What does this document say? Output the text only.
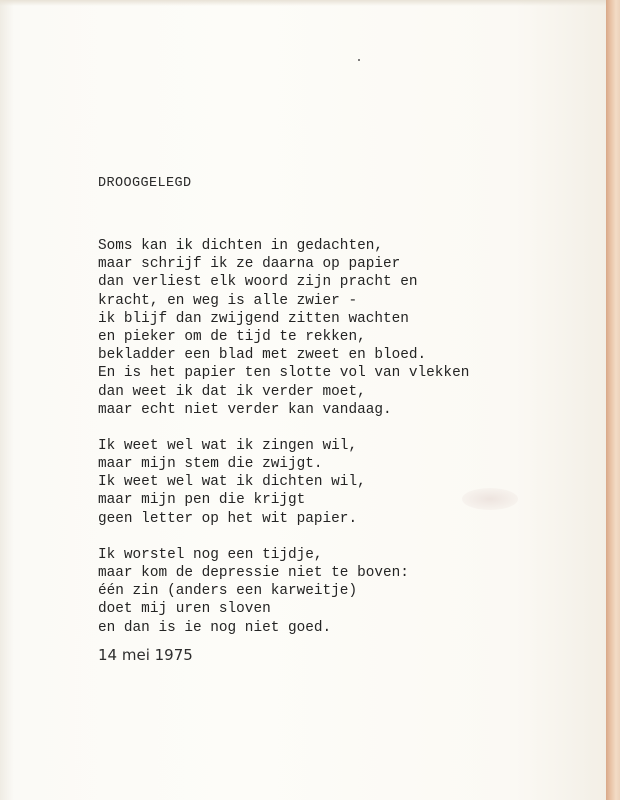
DROOGGELEGD
Soms kan ik dichten in gedachten,
maar schrijf ik ze daarna op papier
dan verliest elk woord zijn pracht en
kracht, en weg is alle zwier -
ik blijf dan zwijgend zitten wachten
en pieker om de tijd te rekken,
bekladder een blad met zweet en bloed.
En is het papier ten slotte vol van vlekken
dan weet ik dat ik verder moet,
maar echt niet verder kan vandaag.
Ik weet wel wat ik zingen wil,
maar mijn stem die zwijgt.
Ik weet wel wat ik dichten wil,
maar mijn pen die krijgt
geen letter op het wit papier.
Ik worstel nog een tijdje,
maar kom de depressie niet te boven:
één zin (anders een karweitje)
doet mij uren sloven
en dan is ie nog niet goed.
14 mei 1975
